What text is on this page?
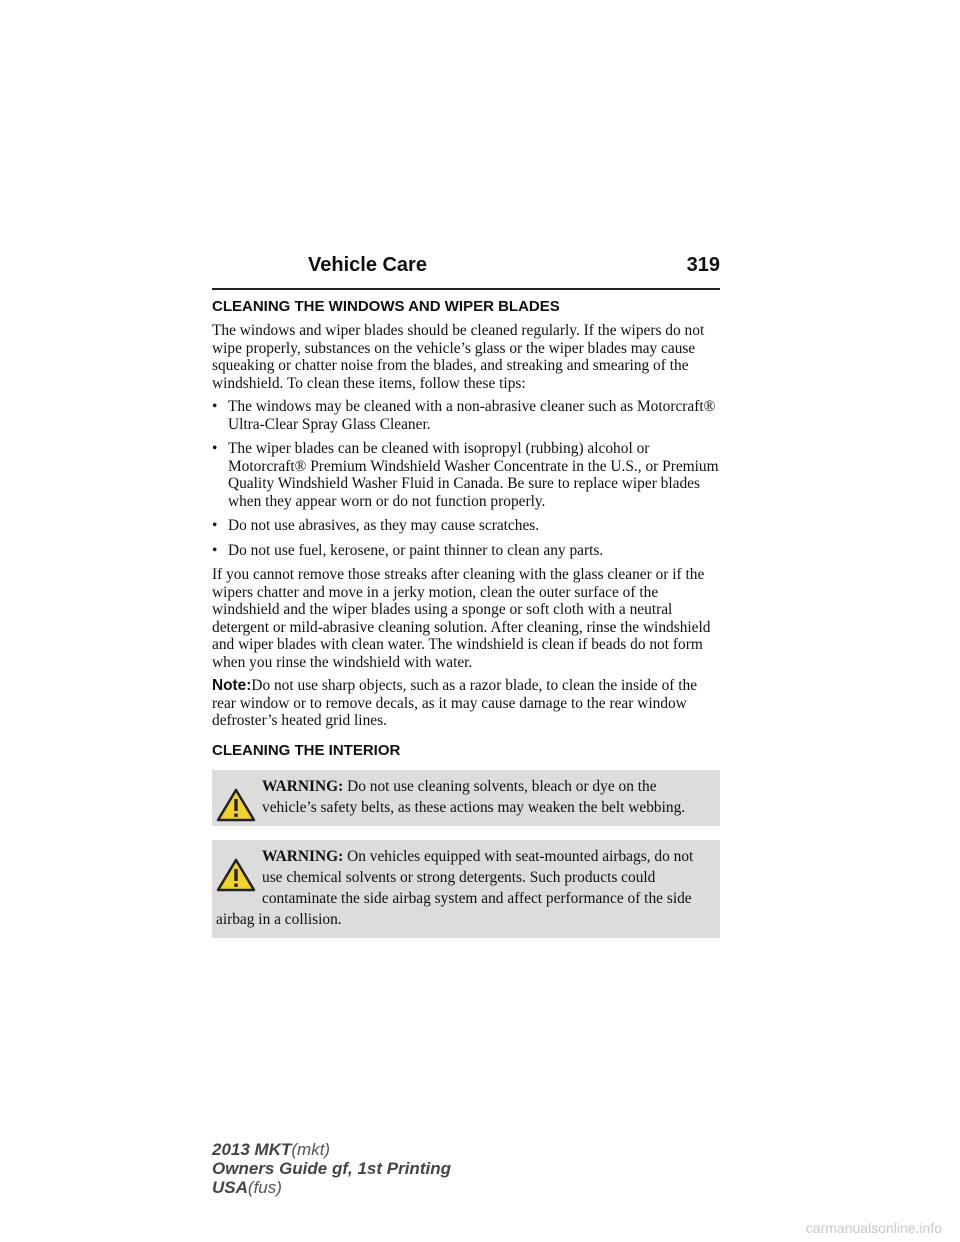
Vehicle Care	319
CLEANING THE WINDOWS AND WIPER BLADES

The windows and wiper blades should be cleaned regularly. If the wipers do not wipe properly, substances on the vehicle’s glass or the wiper blades may cause squeaking or chatter noise from the blades, and streaking and smearing of the windshield. To clean these items, follow these tips:

• The windows may be cleaned with a non-abrasive cleaner such as Motorcraft® Ultra-Clear Spray Glass Cleaner.
• The wiper blades can be cleaned with isopropyl (rubbing) alcohol or Motorcraft® Premium Windshield Washer Concentrate in the U.S., or Premium Quality Windshield Washer Fluid in Canada. Be sure to replace wiper blades when they appear worn or do not function properly.
• Do not use abrasives, as they may cause scratches.
• Do not use fuel, kerosene, or paint thinner to clean any parts.

If you cannot remove those streaks after cleaning with the glass cleaner or if the wipers chatter and move in a jerky motion, clean the outer surface of the windshield and the wiper blades using a sponge or soft cloth with a neutral detergent or mild-abrasive cleaning solution. After cleaning, rinse the windshield and wiper blades with clean water. The windshield is clean if beads do not form when you rinse the windshield with water.

Note:Do not use sharp objects, such as a razor blade, to clean the inside of the rear window or to remove decals, as it may cause damage to the rear window defroster’s heated grid lines.

CLEANING THE INTERIOR
WARNING: Do not use cleaning solvents, bleach or dye on the vehicle’s safety belts, as these actions may weaken the belt webbing.
WARNING: On vehicles equipped with seat-mounted airbags, do not use chemical solvents or strong detergents. Such products could contaminate the side airbag system and affect performance of the side airbag in a collision.
2013 MKT(mkt)
Owners Guide gf, 1st Printing
USA(fus)
carmanualsonline.info
